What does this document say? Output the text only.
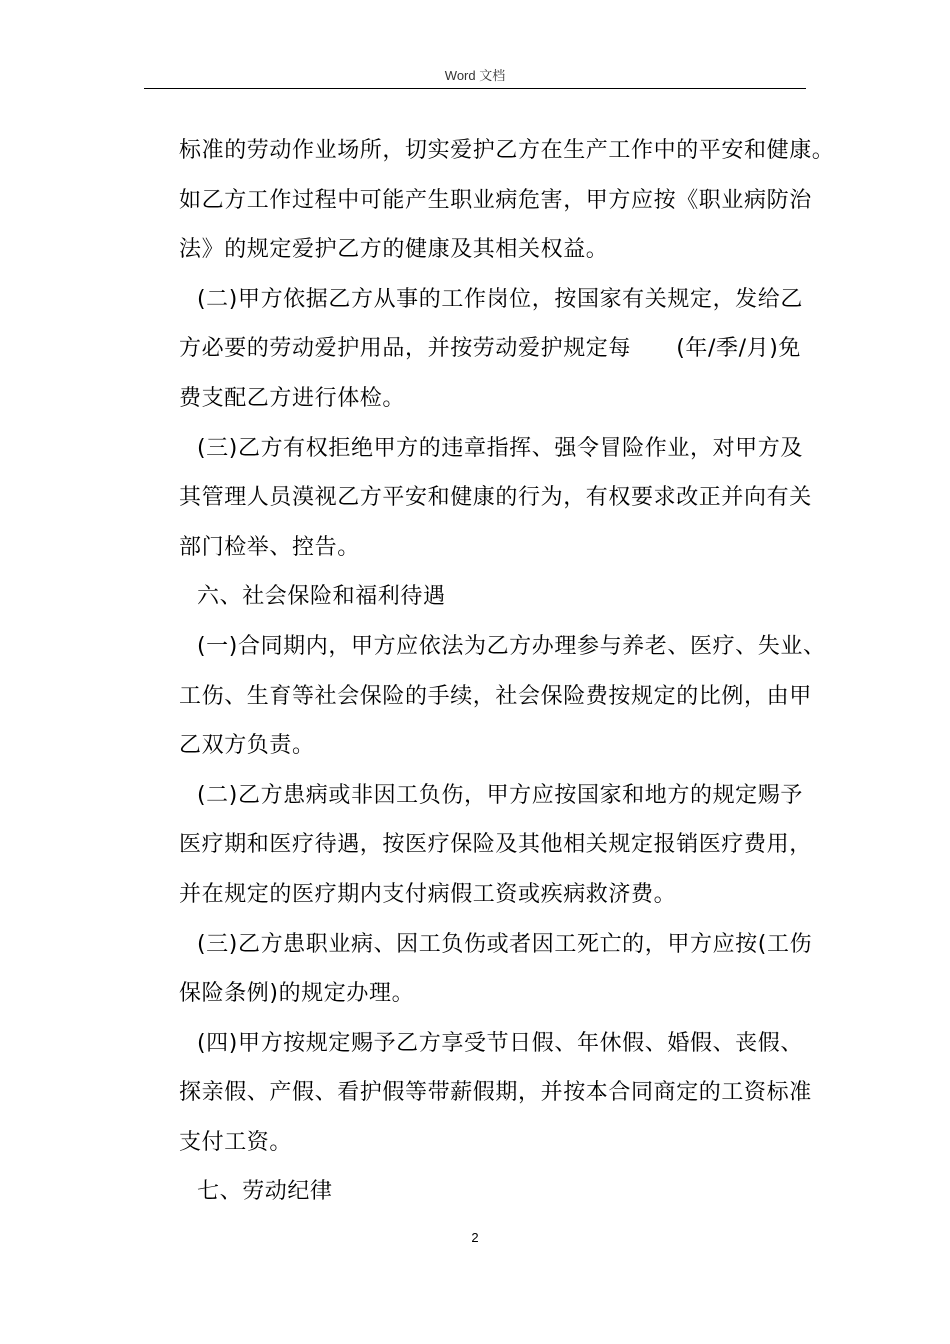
Word 文档
标准的劳动作业场所，切实爱护乙方在生产工作中的平安和健康。
如乙方工作过程中可能产生职业病危害，甲方应按《职业病防治
法》的规定爱护乙方的健康及其相关权益。
(二)甲方依据乙方从事的工作岗位，按国家有关规定，发给乙
方必要的劳动爱护用品，并按劳动爱护规定每　　(年/季/月)免
费支配乙方进行体检。
(三)乙方有权拒绝甲方的违章指挥、强令冒险作业，对甲方及
其管理人员漠视乙方平安和健康的行为，有权要求改正并向有关
部门检举、控告。
六、社会保险和福利待遇
(一)合同期内，甲方应依法为乙方办理参与养老、医疗、失业、
工伤、生育等社会保险的手续，社会保险费按规定的比例，由甲
乙双方负责。
(二)乙方患病或非因工负伤，甲方应按国家和地方的规定赐予
医疗期和医疗待遇，按医疗保险及其他相关规定报销医疗费用，
并在规定的医疗期内支付病假工资或疾病救济费。
(三)乙方患职业病、因工负伤或者因工死亡的，甲方应按(工伤
保险条例)的规定办理。
(四)甲方按规定赐予乙方享受节日假、年休假、婚假、丧假、
探亲假、产假、看护假等带薪假期，并按本合同商定的工资标准
支付工资。
七、劳动纪律
2
